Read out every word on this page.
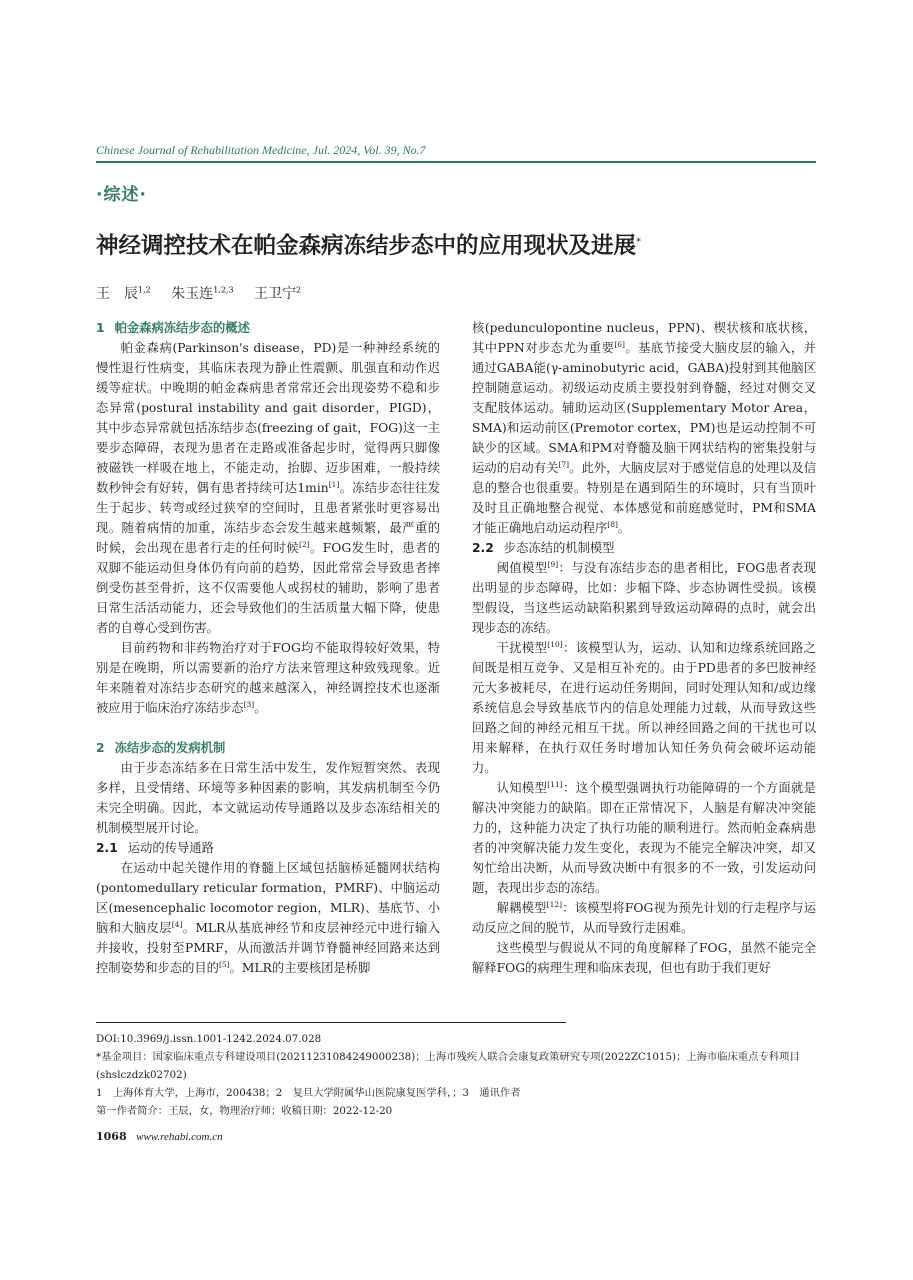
Chinese Journal of Rehabilitation Medicine, Jul. 2024, Vol. 39, No.7
·综述·
神经调控技术在帕金森病冻结步态中的应用现状及进展*
王　辰$^{1,2}$ 朱玉连$^{1,2,3}$ 王卫宁$^2$
1 帕金森病冻结步态的概述

帕金森病(Parkinson's disease，PD)是一种神经系统的慢性退行性病变，其临床表现为静止性震颤、肌强直和动作迟缓等症状。中晚期的帕金森病患者常常还会出现姿势不稳和步态异常(postural instability and gait disorder，PIGD)，其中步态异常就包括冻结步态(freezing of gait，FOG)这一主要步态障碍，表现为患者在走路或准备起步时，觉得两只脚像被磁铁一样吸在地上，不能走动，抬脚、迈步困难，一般持续数秒钟会有好转，偶有患者持续可达1min[1]。冻结步态往往发生于起步、转弯或经过狭窄的空间时，且患者紧张时更容易出现。随着病情的加重，冻结步态会发生越来越频繁，最严重的时候，会出现在患者行走的任何时候[2]。FOG发生时，患者的双脚不能运动但身体仍有向前的趋势，因此常常会导致患者摔倒受伤甚至骨折，这不仅需要他人或拐杖的辅助，影响了患者日常生活活动能力，还会导致他们的生活质量大幅下降，使患者的自尊心受到伤害。

目前药物和非药物治疗对于FOG均不能取得较好效果，特别是在晚期，所以需要新的治疗方法来管理这种致残现象。近年来随着对冻结步态研究的越来越深入，神经调控技术也逐渐被应用于临床治疗冻结步态[3]。

2 冻结步态的发病机制

由于步态冻结多在日常生活中发生，发作短暂突然、表现多样，且受情绪、环境等多种因素的影响，其发病机制至今仍未完全明确。因此，本文就运动传导通路以及步态冻结相关的机制模型展开讨论。

2.1 运动的传导通路

在运动中起关键作用的脊髓上区域包括脑桥延髓网状结构(pontomedullary reticular formation，PMRF)、中脑运动区(mesencephalic locomotor region，MLR)、基底节、小脑和大脑皮层[4]。MLR从基底神经节和皮层神经元中进行输入并接收，投射至PMRF，从而激活并调节脊髓神经回路来达到控制姿势和步态的目的[5]。MLR的主要核团是桥脚

核(pedunculopontine nucleus，PPN)、楔状核和底状核，其中PPN对步态尤为重要[6]。基底节接受大脑皮层的输入，并通过GABA能(γ-aminobutyric acid，GABA)投射到其他脑区控制随意运动。初级运动皮质主要投射到脊髓，经过对侧交叉支配肢体运动。辅助运动区(Supplementary Motor Area，SMA)和运动前区(Premotor cortex，PM)也是运动控制不可缺少的区域。SMA和PM对脊髓及脑干网状结构的密集投射与运动的启动有关[7]。此外，大脑皮层对于感觉信息的处理以及信息的整合也很重要。特别是在遇到陌生的环境时，只有当顶叶及时且正确地整合视觉、本体感觉和前庭感觉时，PM和SMA才能正确地启动运动程序[8]。

2.2 步态冻结的机制模型

阈值模型[9]：与没有冻结步态的患者相比，FOG患者表现出明显的步态障碍，比如：步幅下降、步态协调性受损。该模型假设，当这些运动缺陷积累到导致运动障碍的点时，就会出现步态的冻结。

干扰模型[10]：该模型认为，运动、认知和边缘系统回路之间既是相互竞争、又是相互补充的。由于PD患者的多巴胺神经元大多被耗尽，在进行运动任务期间，同时处理认知和/或边缘系统信息会导致基底节内的信息处理能力过载，从而导致这些回路之间的神经元相互干扰。所以神经回路之间的干扰也可以用来解释，在执行双任务时增加认知任务负荷会破坏运动能力。

认知模型[11]：这个模型强调执行功能障碍的一个方面就是解决冲突能力的缺陷。即在正常情况下，人脑是有解决冲突能力的，这种能力决定了执行功能的顺利进行。然而帕金森病患者的冲突解决能力发生变化，表现为不能完全解决冲突，却又匆忙给出决断，从而导致决断中有很多的不一致，引发运动问题，表现出步态的冻结。

解耦模型[12]：该模型将FOG视为预先计划的行走程序与运动反应之间的脱节，从而导致行走困难。

这些模型与假说从不同的角度解释了FOG，虽然不能完全解释FOG的病理生理和临床表现，但也有助于我们更好

DOI:10.3969/j.issn.1001-1242.2024.07.028
*基金项目：国家临床重点专科建设项目(2021123108424900023​8)；上海市残疾人联合会康复政策研究专项(2022ZC1015)；上海市临床重点专科项目(shslczdzk02702)
1　上海体育大学，上海市，200438；2　复旦大学附属华山医院康复医学科，；3　通讯作者
第一作者简介：王辰，女，物理治疗师；收稿日期：2022-12-20
1068 www.rehabi.com.cn
